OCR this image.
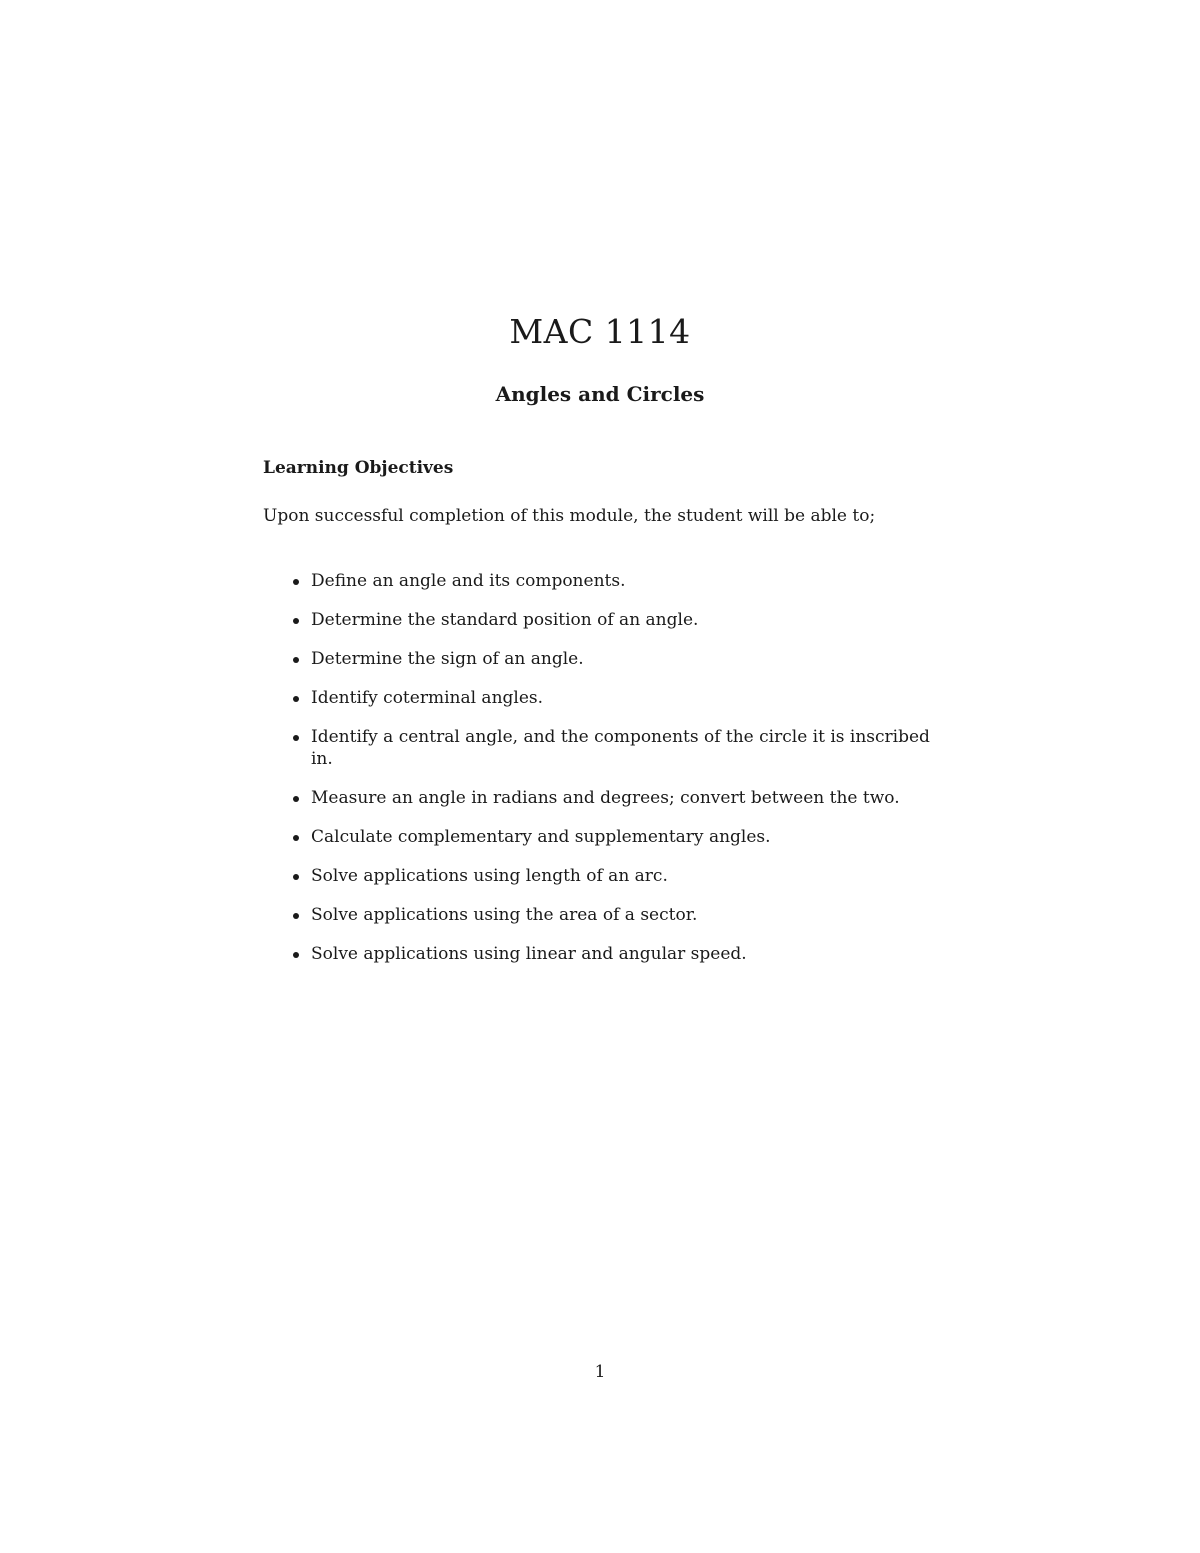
MAC 1114
Angles and Circles
Learning Objectives

Upon successful completion of this module, the student will be able to;

Define an angle and its components.
Determine the standard position of an angle.
Determine the sign of an angle.
Identify coterminal angles.
Identify a central angle, and the components of the circle it is inscribed in.
Measure an angle in radians and degrees; convert between the two.
Calculate complementary and supplementary angles.
Solve applications using length of an arc.
Solve applications using the area of a sector.
Solve applications using linear and angular speed.
1
